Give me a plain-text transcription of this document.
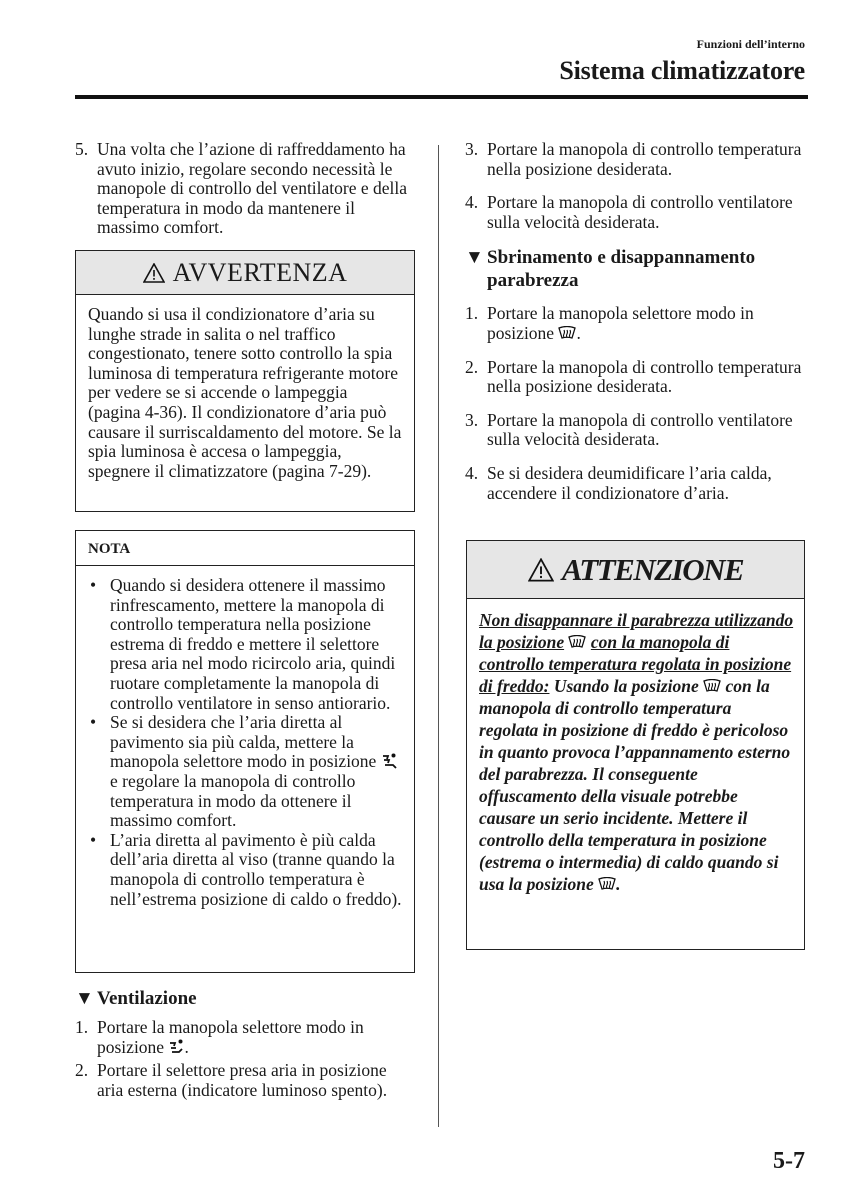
Funzioni dell’interno
Sistema climatizzatore
5. Una volta che l’azione di raffreddamento ha avuto inizio, regolare secondo necessità le manopole di controllo del ventilatore e della temperatura in modo da mantenere il massimo comfort.
AVVERTENZA
Quando si usa il condizionatore d’aria su lunghe strade in salita o nel traffico congestionato, tenere sotto controllo la spia luminosa di temperatura refrigerante motore per vedere se si accende o lampeggia (pagina 4-36). Il condizionatore d’aria può causare il surriscaldamento del motore. Se la spia luminosa è accesa o lampeggia, spegnere il climatizzatore (pagina 7-29).
NOTA
• Quando si desidera ottenere il massimo rinfrescamento, mettere la manopola di controllo temperatura nella posizione estrema di freddo e mettere il selettore presa aria nel modo ricircolo aria, quindi ruotare completamente la manopola di controllo ventilatore in senso antiorario.
• Se si desidera che l’aria diretta al pavimento sia più calda, mettere la manopola selettore modo in posizione  e regolare la manopola di controllo temperatura in modo da ottenere il massimo comfort.
• L’aria diretta al pavimento è più calda dell’aria diretta al viso (tranne quando la manopola di controllo temperatura è nell’estrema posizione di caldo o freddo).
▼ Ventilazione
1. Portare la manopola selettore modo in posizione .
2. Portare il selettore presa aria in posizione aria esterna (indicatore luminoso spento).
3. Portare la manopola di controllo temperatura nella posizione desiderata.
4. Portare la manopola di controllo ventilatore sulla velocità desiderata.
▼ Sbrinamento e disappannamento parabrezza
1. Portare la manopola selettore modo in posizione .
2. Portare la manopola di controllo temperatura nella posizione desiderata.
3. Portare la manopola di controllo ventilatore sulla velocità desiderata.
4. Se si desidera deumidificare l’aria calda, accendere il condizionatore d’aria.
ATTENZIONE
Non disappannare il parabrezza utilizzando la posizione con la manopola di controllo temperatura regolata in posizione di freddo: Usando la posizione con la manopola di controllo temperatura regolata in posizione di freddo è pericoloso in quanto provoca l’appannamento esterno del parabrezza. Il conseguente offuscamento della visuale potrebbe causare un serio incidente. Mettere il controllo della temperatura in posizione (estrema o intermedia) di caldo quando si usa la posizione .
5-7
